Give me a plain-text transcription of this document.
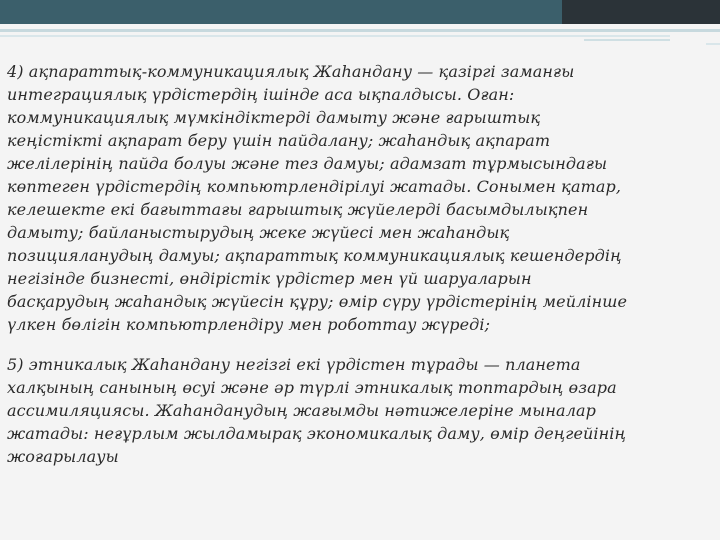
4) ақпараттық-коммуникациялық Жаһандану — қазіргі заманғы
интеграциялық үрдістердің ішінде аса ықпалдысы. Оған:
коммуникациялық мүмкіндіктерді дамыту және ғарыштық
кеңістікті ақпарат беру үшін пайдалану; жаһандық ақпарат
желілерінің пайда болуы және тез дамуы; адамзат тұрмысындағы
көптеген үрдістердің компьютрлендірілуі жатады. Сонымен қатар,
келешекте екі бағыттағы ғарыштық жүйелерді басымдылықпен
дамыту; байланыстырудың жеке жүйесі мен жаһандық
позицияланудың дамуы; ақпараттық коммуникациялық кешендердің
негізінде бизнесті, өндірістік үрдістер мен үй шаруаларын
басқарудың жаһандық жүйесін құру; өмір сүру үрдістерінің мейлінше
үлкен бөлігін компьютрлендіру мен роботтау жүреді;

5) этникалық Жаһандану негізгі екі үрдістен тұрады — планета
халқының санының өсуі және әр түрлі этникалық топтардың өзара
ассимиляциясы. Жаһанданудың жағымды нәтижелеріне мыналар
жатады: неғұрлым жылдамырақ экономикалық даму, өмір деңгейінің
жоғарылауы
